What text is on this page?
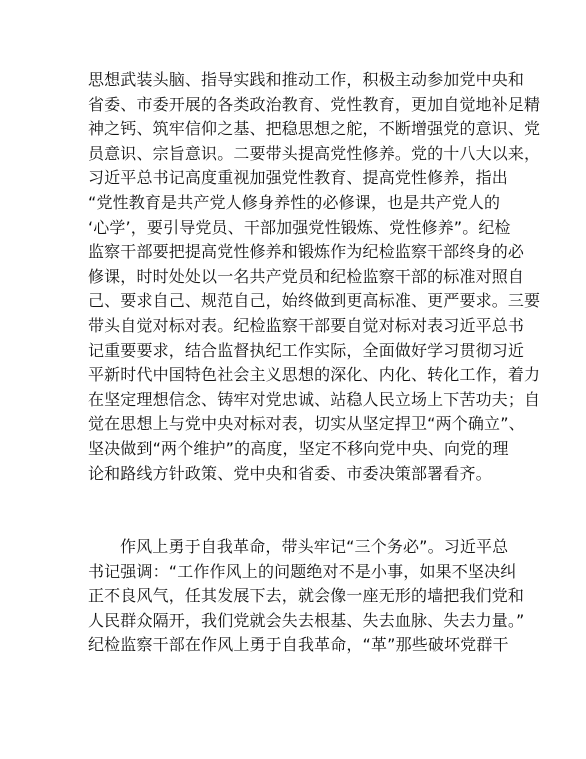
思想武装头脑、指导实践和推动工作，积极主动参加党中央和
省委、市委开展的各类政治教育、党性教育，更加自觉地补足精
神之钙、筑牢信仰之基、把稳思想之舵，不断增强党的意识、党
员意识、宗旨意识。二要带头提高党性修养。党的十八大以来，
习近平总书记高度重视加强党性教育、提高党性修养，指出
“党性教育是共产党人修身养性的必修课，也是共产党人的
‘心学’，要引导党员、干部加强党性锻炼、党性修养”。纪检
监察干部要把提高党性修养和锻炼作为纪检监察干部终身的必
修课，时时处处以一名共产党员和纪检监察干部的标准对照自
己、要求自己、规范自己，始终做到更高标准、更严要求。三要
带头自觉对标对表。纪检监察干部要自觉对标对表习近平总书
记重要要求，结合监督执纪工作实际，全面做好学习贯彻习近
平新时代中国特色社会主义思想的深化、内化、转化工作，着力
在坚定理想信念、铸牢对党忠诚、站稳人民立场上下苦功夫；自
觉在思想上与党中央对标对表，切实从坚定捍卫“两个确立”、
坚决做到“两个维护”的高度，坚定不移向党中央、向党的理
论和路线方针政策、党中央和省委、市委决策部署看齐。
作风上勇于自我革命，带头牢记“三个务必”。习近平总
书记强调：“工作作风上的问题绝对不是小事，如果不坚决纠
正不良风气，任其发展下去，就会像一座无形的墙把我们党和
人民群众隔开，我们党就会失去根基、失去血脉、失去力量。”
纪检监察干部在作风上勇于自我革命，“革”那些破坏党群干
